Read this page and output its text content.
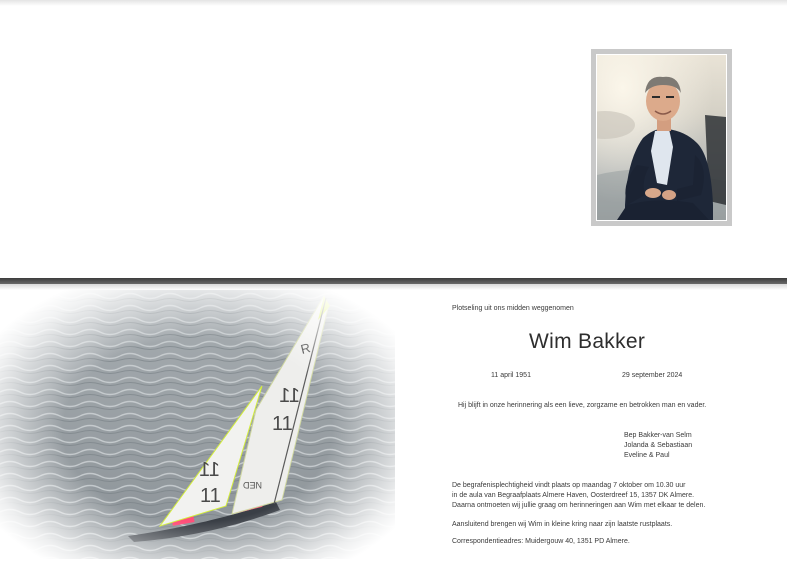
Plotseling uit ons midden weggenomen
Wim Bakker
11 april 1951	29 september 2024
Hij blijft in onze herinnering als een lieve, zorgzame en betrokken man en vader.
Bep Bakker-van Selm
Jolanda & Sebastiaan
Eveline & Paul
De begrafenisplechtigheid vindt plaats op maandag 7 oktober om 10.30 uur
in de aula van Begraafplaats Almere Haven, Oosterdreef 15, 1357 DK Almere.
Daarna ontmoeten wij jullie graag om herinneringen aan Wim met elkaar te delen.
Aansluitend brengen wij Wim in kleine kring naar zijn laatste rustplaats.
Correspondentieadres: Muidergouw 40, 1351 PD Almere.
